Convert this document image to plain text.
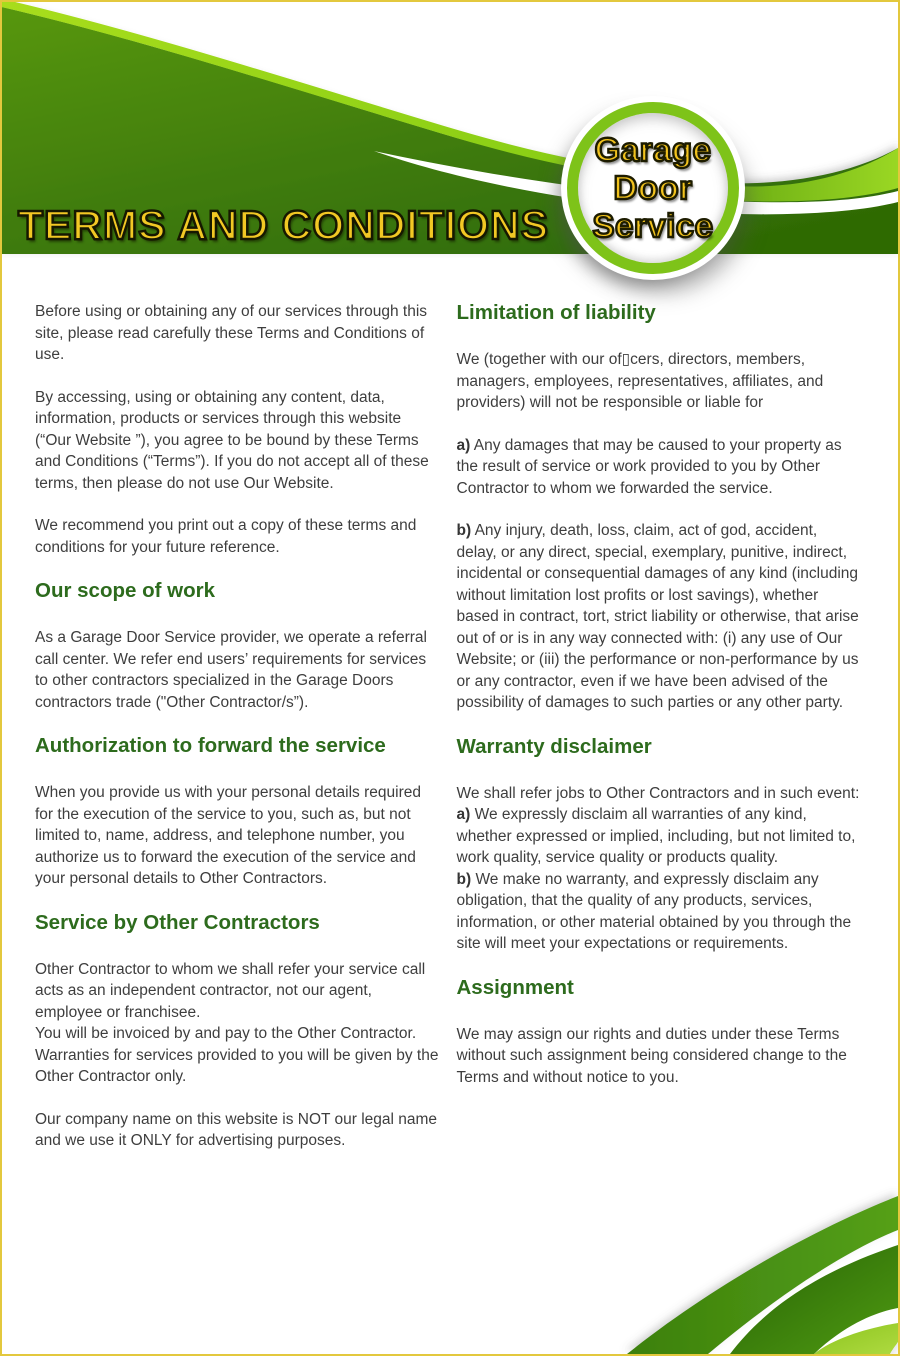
TERMS AND CONDITIONS
Garage
Door
Service

Before using or obtaining any of our services through this site, please read carefully these Terms and Conditions of use.

By accessing, using or obtaining any content, data, information, products or services through this website (“Our Website ”), you agree to be bound by these Terms and Conditions (“Terms”). If you do not accept all of these terms, then please do not use Our Website.

We recommend you print out a copy of these terms and conditions for your future reference.

Our scope of work

As a Garage Door Service provider, we operate a referral call center. We refer end users’ requirements for services to other contractors specialized in the Garage Doors contractors trade ("Other Contractor/s”).

Authorization to forward the service

When you provide us with your personal details required for the execution of the service to you, such as, but not limited to, name, address, and telephone number, you authorize us to forward the execution of the service and your personal details to Other Contractors.

Service by Other Contractors

Other Contractor to whom we shall refer your service call acts as an independent contractor, not our agent, employee or franchisee.
You will be invoiced by and pay to the Other Contractor.
Warranties for services provided to you will be given by the Other Contractor only.

Our company name on this website is NOT our legal name and we use it ONLY for advertising purposes.

Limitation of liability

We (together with our of▯cers, directors, members, managers, employees, representatives, affiliates, and providers) will not be responsible or liable for

a) Any damages that may be caused to your property as the result of service or work provided to you by Other Contractor to whom we forwarded the service.

b) Any injury, death, loss, claim, act of god, accident, delay, or any direct, special, exemplary, punitive, indirect, incidental or consequential damages of any kind (including without limitation lost profits or lost savings), whether based in contract, tort, strict liability or otherwise, that arise out of or is in any way connected with: (i) any use of Our Website; or (iii) the performance or non-performance by us or any contractor, even if we have been advised of the possibility of damages to such parties or any other party.

Warranty disclaimer

We shall refer jobs to Other Contractors and in such event:
a) We expressly disclaim all warranties of any kind, whether expressed or implied, including, but not limited to, work quality, service quality or products quality.
b) We make no warranty, and expressly disclaim any obligation, that the quality of any products, services, information, or other material obtained by you through the site will meet your expectations or requirements.

Assignment

We may assign our rights and duties under these Terms without such assignment being considered change to the Terms and without notice to you.
